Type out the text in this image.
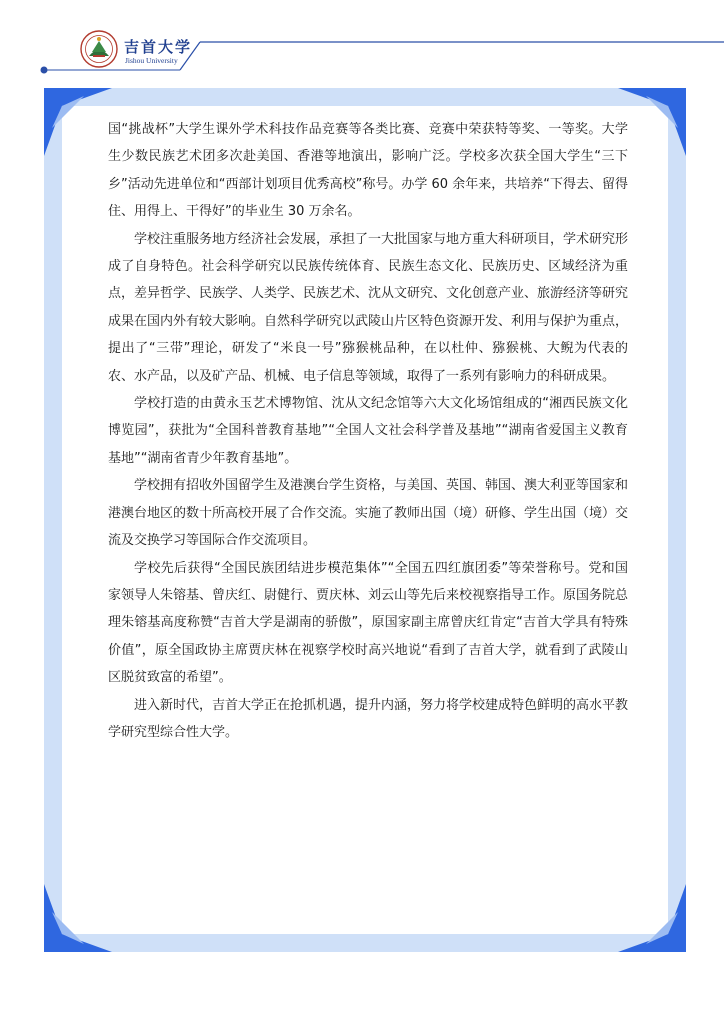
吉首大学
Jishou University

国“挑战杯”大学生课外学术科技作品竞赛等各类比赛、竞赛中荣获特等奖、一等奖。大学生少数民族艺术团多次赴美国、香港等地演出，影响广泛。学校多次获全国大学生“三下乡”活动先进单位和“西部计划项目优秀高校”称号。办学 60 余年来，共培养“下得去、留得住、用得上、干得好”的毕业生 30 万余名。

学校注重服务地方经济社会发展，承担了一大批国家与地方重大科研项目，学术研究形成了自身特色。社会科学研究以民族传统体育、民族生态文化、民族历史、区域经济为重点，差异哲学、民族学、人类学、民族艺术、沈从文研究、文化创意产业、旅游经济等研究成果在国内外有较大影响。自然科学研究以武陵山片区特色资源开发、利用与保护为重点，提出了“三带”理论，研发了“米良一号”猕猴桃品种，在以杜仲、猕猴桃、大鲵为代表的农、水产品，以及矿产品、机械、电子信息等领域，取得了一系列有影响力的科研成果。

学校打造的由黄永玉艺术博物馆、沈从文纪念馆等六大文化场馆组成的“湘西民族文化博览园”，获批为“全国科普教育基地”“全国人文社会科学普及基地”“湖南省爱国主义教育基地”“湖南省青少年教育基地”。

学校拥有招收外国留学生及港澳台学生资格，与美国、英国、韩国、澳大利亚等国家和港澳台地区的数十所高校开展了合作交流。实施了教师出国（境）研修、学生出国（境）交流及交换学习等国际合作交流项目。

学校先后获得“全国民族团结进步模范集体”“全国五四红旗团委”等荣誉称号。党和国家领导人朱镕基、曾庆红、尉健行、贾庆林、刘云山等先后来校视察指导工作。原国务院总理朱镕基高度称赞“吉首大学是湖南的骄傲”，原国家副主席曾庆红肯定“吉首大学具有特殊价值”，原全国政协主席贾庆林在视察学校时高兴地说“看到了吉首大学，就看到了武陵山区脱贫致富的希望”。

进入新时代，吉首大学正在抢抓机遇，提升内涵，努力将学校建成特色鲜明的高水平教学研究型综合性大学。
